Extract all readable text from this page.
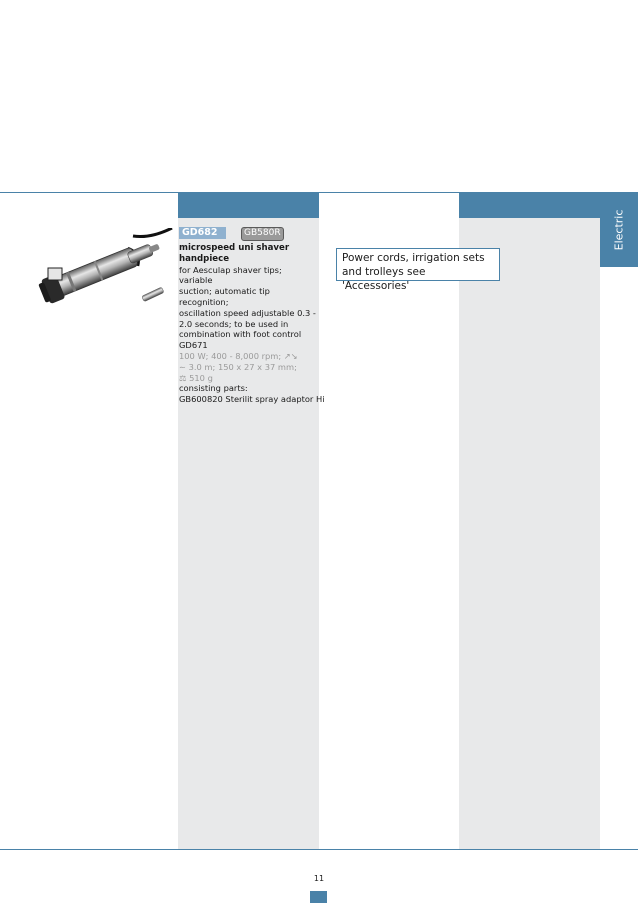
Electric
GD682	GB580R
microspeed uni shaver handpiece
for Aesculap shaver tips; variable
suction; automatic tip recognition;
oscillation speed adjustable 0.3 -
2.0 seconds; to be used in
combination with foot control
GD671
100 W; 400 - 8,000 rpm; ↗↘
∼ 3.0 m; 150 x 27 x 37 mm;
⚖ 510 g
consisting parts:
GB600820 Sterilit spray adaptor Hi
Power cords, irrigation sets and trolleys see 'Accessories'
11
